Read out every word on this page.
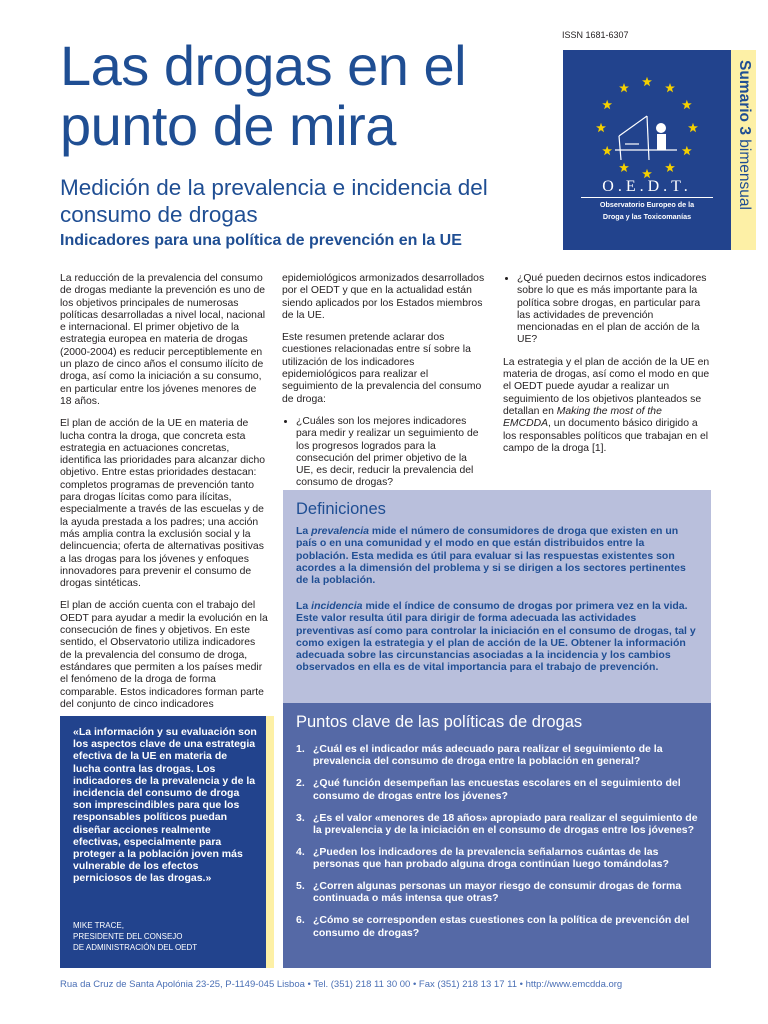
ISSN 1681-6307
Las drogas en el punto de mira
Medición de la prevalencia e incidencia del consumo de drogas
Indicadores para una política de prevención en la UE
O.E.D.T.
Observatorio Europeo de la
Droga y las Toxicomanías
Sumario 3 bimensual

La reducción de la prevalencia del consumo de drogas mediante la prevención es uno de los objetivos principales de numerosas políticas desarrolladas a nivel local, nacional e internacional. El primer objetivo de la estrategia europea en materia de drogas (2000-2004) es reducir perceptiblemente en un plazo de cinco años el consumo ilícito de droga, así como la iniciación a su consumo, en particular entre los jóvenes menores de 18 años.

El plan de acción de la UE en materia de lucha contra la droga, que concreta esta estrategia en actuaciones concretas, identifica las prioridades para alcanzar dicho objetivo. Entre estas prioridades destacan: completos programas de prevención tanto para drogas lícitas como para ilícitas, especialmente a través de las escuelas y de la ayuda prestada a los padres; una acción más amplia contra la exclusión social y la delincuencia; oferta de alternativas positivas a las drogas para los jóvenes y enfoques innovadores para prevenir el consumo de drogas sintéticas.

El plan de acción cuenta con el trabajo del OEDT para ayudar a medir la evolución en la consecución de fines y objetivos. En este sentido, el Observatorio utiliza indicadores de la prevalencia del consumo de droga, estándares que permiten a los países medir el fenómeno de la droga de forma comparable. Estos indicadores forman parte del conjunto de cinco indicadores

epidemiológicos armonizados desarrollados por el OEDT y que en la actualidad están siendo aplicados por los Estados miembros de la UE.

Este resumen pretende aclarar dos cuestiones relacionadas entre sí sobre la utilización de los indicadores epidemiológicos para realizar el seguimiento de la prevalencia del consumo de droga:

• ¿Cuáles son los mejores indicadores para medir y realizar un seguimiento de los progresos logrados para la consecución del primer objetivo de la UE, es decir, reducir la prevalencia del consumo de drogas?
• ¿Qué pueden decirnos estos indicadores sobre lo que es más importante para la política sobre drogas, en particular para las actividades de prevención mencionadas en el plan de acción de la UE?

La estrategia y el plan de acción de la UE en materia de drogas, así como el modo en que el OEDT puede ayudar a realizar un seguimiento de los objetivos planteados se detallan en Making the most of the EMCDDA, un documento básico dirigido a los responsables políticos que trabajan en el campo de la droga [1].

Definiciones

La prevalencia mide el número de consumidores de droga que existen en un país o en una comunidad y el modo en que están distribuidos entre la población. Esta medida es útil para evaluar si las respuestas existentes son acordes a la dimensión del problema y si se dirigen a los sectores pertinentes de la población.

La incidencia mide el índice de consumo de drogas por primera vez en la vida. Este valor resulta útil para dirigir de forma adecuada las actividades preventivas así como para controlar la iniciación en el consumo de drogas, tal y como exigen la estrategia y el plan de acción de la UE. Obtener la información adecuada sobre las circunstancias asociadas a la incidencia y los cambios observados en ella es de vital importancia para el trabajo de prevención.

«La información y su evaluación son los aspectos clave de una estrategia efectiva de la UE en materia de lucha contra las drogas. Los indicadores de la prevalencia y de la incidencia del consumo de droga son imprescindibles para que los responsables políticos puedan diseñar acciones realmente efectivas, especialmente para proteger a la población joven más vulnerable de los efectos perniciosos de las drogas.»

MIKE TRACE,
PRESIDENTE DEL CONSEJO
DE ADMINISTRACIÓN DEL OEDT

Puntos clave de las políticas de drogas
1. ¿Cuál es el indicador más adecuado para realizar el seguimiento de la prevalencia del consumo de droga entre la población en general?
2. ¿Qué función desempeñan las encuestas escolares en el seguimiento del consumo de drogas entre los jóvenes?
3. ¿Es el valor «menores de 18 años» apropiado para realizar el seguimiento de la prevalencia y de la iniciación en el consumo de drogas entre los jóvenes?
4. ¿Pueden los indicadores de la prevalencia señalarnos cuántas de las personas que han probado alguna droga continúan luego tomándolas?
5. ¿Corren algunas personas un mayor riesgo de consumir drogas de forma continuada o más intensa que otras?
6. ¿Cómo se corresponden estas cuestiones con la política de prevención del consumo de drogas?
Rua da Cruz de Santa Apolónia 23-25, P-1149-045 Lisboa • Tel. (351) 218 11 30 00 • Fax (351) 218 13 17 11 • http://www.emcdda.org
